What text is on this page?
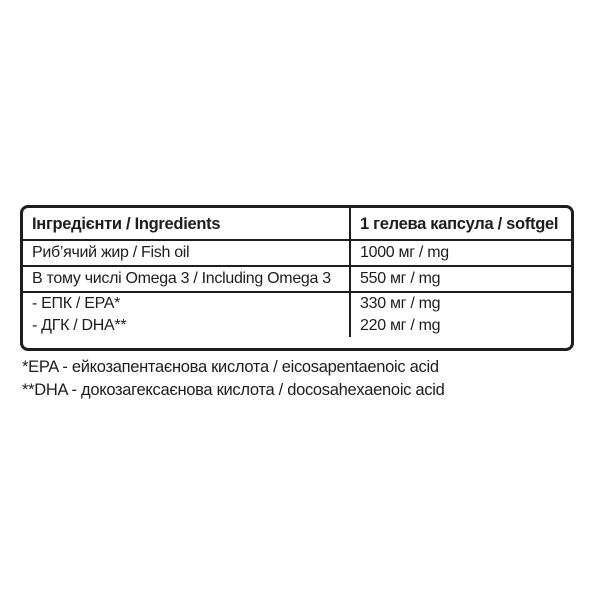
Інгредієнти / Ingredients	1 гелева капсула / softgel
Риб’ячий жир / Fish oil	1000 мг / mg
В тому числі Omega 3 / Including Omega 3	550 мг / mg
- ЕПК / EPA*	330 мг / mg
- ДГК / DHA**	220 мг / mg
*EPA - ейкозапентаєнова кислота / eicosapentaenoic acid
**DHA - докозагексаєнова кислота / docosahexaenoic acid
